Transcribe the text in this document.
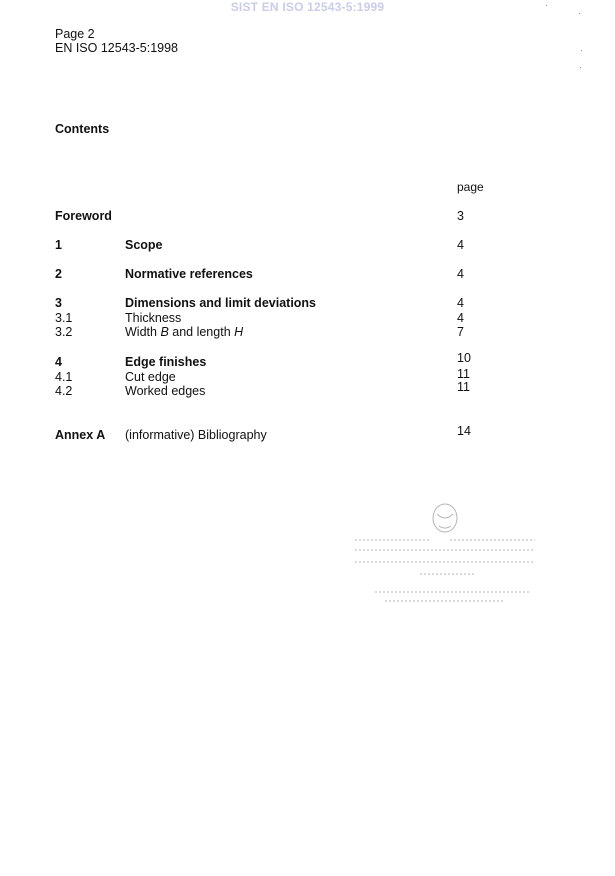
SIST EN ISO 12543-5:1999
Page 2
EN ISO 12543-5:1998
Contents
page
Foreword	3
1	Scope	4
2	Normative references	4
3	Dimensions and limit deviations	4
3.1	Thickness	4
3.2	Width B and length H	7
4	Edge finishes	10
4.1	Cut edge	11
4.2	Worked edges	11
Annex A (informative) Bibliography	14
·
·
·
·
